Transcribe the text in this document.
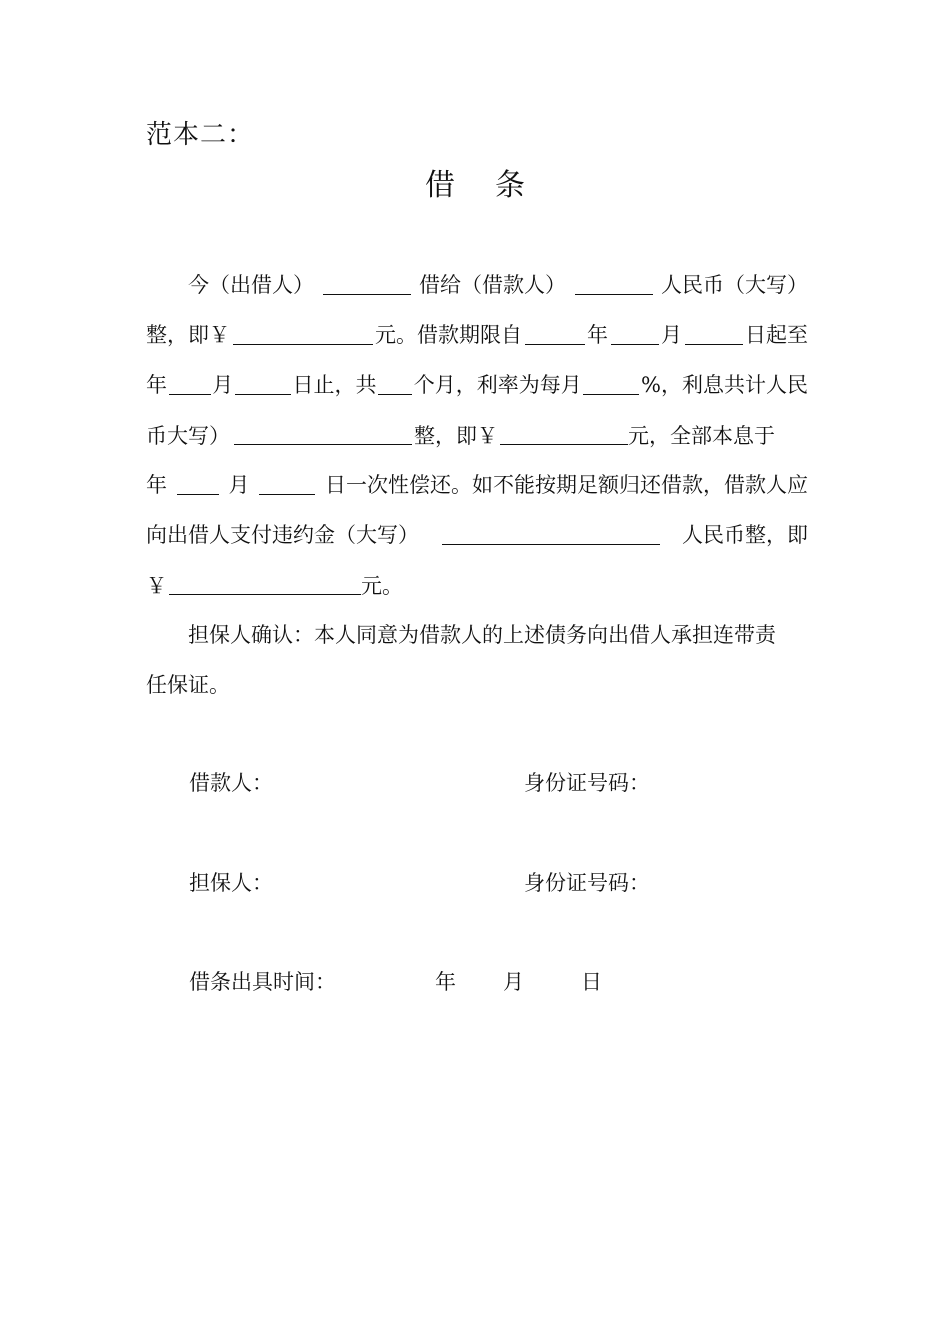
范本二：
借条
今（出借人）	借给（借款人）	人民币（大写）
整，即￥	元。借款期限自	年	月	日起至
年 月	日止，共 个月，利率为每月	%，利息共计人民
币大写）	整，即￥	元，全部本息于
年	月	日一次性偿还。如不能按期足额归还借款，借款人应
向出借人支付违约金（大写）	人民币整，即
￥	元。
担保人确认：本人同意为借款人的上述债务向出借人承担连带责
任保证。
借款人：	身份证号码：
担保人：	身份证号码：
借条出具时间：	年 月	日
